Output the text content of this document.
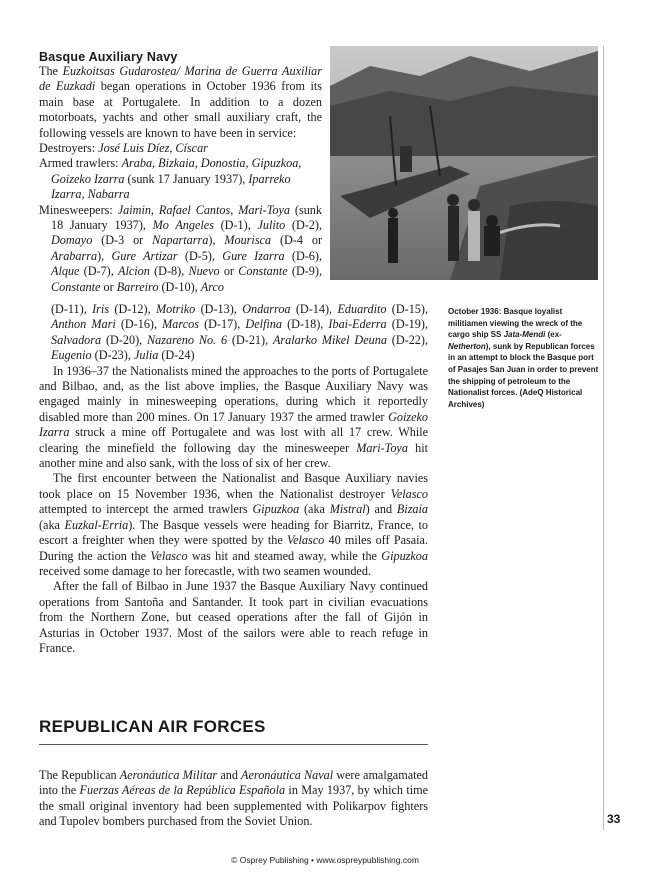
Basque Auxiliary Navy

The Euzkoitsas Gudarostea/ Marina de Guerra Auxiliar de Euzkadi began operations in October 1936 from its main base at Portugalete. In addition to a dozen motorboats, yachts and other small auxiliary craft, the following vessels are known to have been in service:

Destroyers: José Luis Díez, Císcar

Armed trawlers: Araba, Bizkaia, Donostia, Gipuzkoa, Goizeko Izarra (sunk 17 January 1937), Iparreko Izarra, Nabarra

Minesweepers: Jaimin, Rafael Cantos, Mari-Toya (sunk 18 January 1937), Mo Angeles (D-1), Julito (D-2), Domayo (D-3 or Napartarra), Mourisca (D-4 or Arabarra), Gure Artizar (D-5), Gure Izarra (D-6), Alque (D-7), Alcion (D-8), Nuevo or Constante (D-9), Constante or Barreiro (D-10), Arco

(D-11), Iris (D-12), Motriko (D-13), Ondarroa (D-14), Eduardito (D-15), Anthon Mari (D-16), Marcos (D-17), Delfina (D-18), Ibai-Ederra (D-19), Salvadora (D-20), Nazareno No. 6 (D-21), Aralarko Mikel Deuna (D-22), Eugenio (D-23), Julia (D-24)

In 1936–37 the Nationalists mined the approaches to the ports of Portugalete and Bilbao, and, as the list above implies, the Basque Auxiliary Navy was engaged mainly in minesweeping operations, during which it reportedly disabled more than 200 mines. On 17 January 1937 the armed trawler Goizeko Izarra struck a mine off Portugalete and was lost with all 17 crew. While clearing the minefield the following day the minesweeper Mari-Toya hit another mine and also sank, with the loss of six of her crew.

The first encounter between the Nationalist and Basque Auxiliary navies took place on 15 November 1936, when the Nationalist destroyer Velasco attempted to intercept the armed trawlers Gipuzkoa (aka Mistral) and Bizaia (aka Euzkal-Erria). The Basque vessels were heading for Biarritz, France, to escort a freighter when they were spotted by the Velasco 40 miles off Pasaia. During the action the Velasco was hit and steamed away, while the Gipuzkoa received some damage to her forecastle, with two seamen wounded.

After the fall of Bilbao in June 1937 the Basque Auxiliary Navy continued operations from Santoña and Santander. It took part in civilian evacuations from the Northern Zone, but ceased operations after the fall of Gijón in Asturias in October 1937. Most of the sailors were able to reach refuge in France.

October 1936: Basque loyalist militiamen viewing the wreck of the cargo ship SS Jata-Mendi (ex-Netherton), sunk by Republican forces in an attempt to block the Basque port of Pasajes San Juan in order to prevent the shipping of petroleum to the Nationalist forces. (AdeQ Historical Archives)
REPUBLICAN AIR FORCES

The Republican Aeronáutica Militar and Aeronáutica Naval were amalgamated into the Fuerzas Aéreas de la República Española in May 1937, by which time the small original inventory had been supplemented with Polikarpov fighters and Tupolev bombers purchased from the Soviet Union.	33
© Osprey Publishing • www.ospreypublishing.com
